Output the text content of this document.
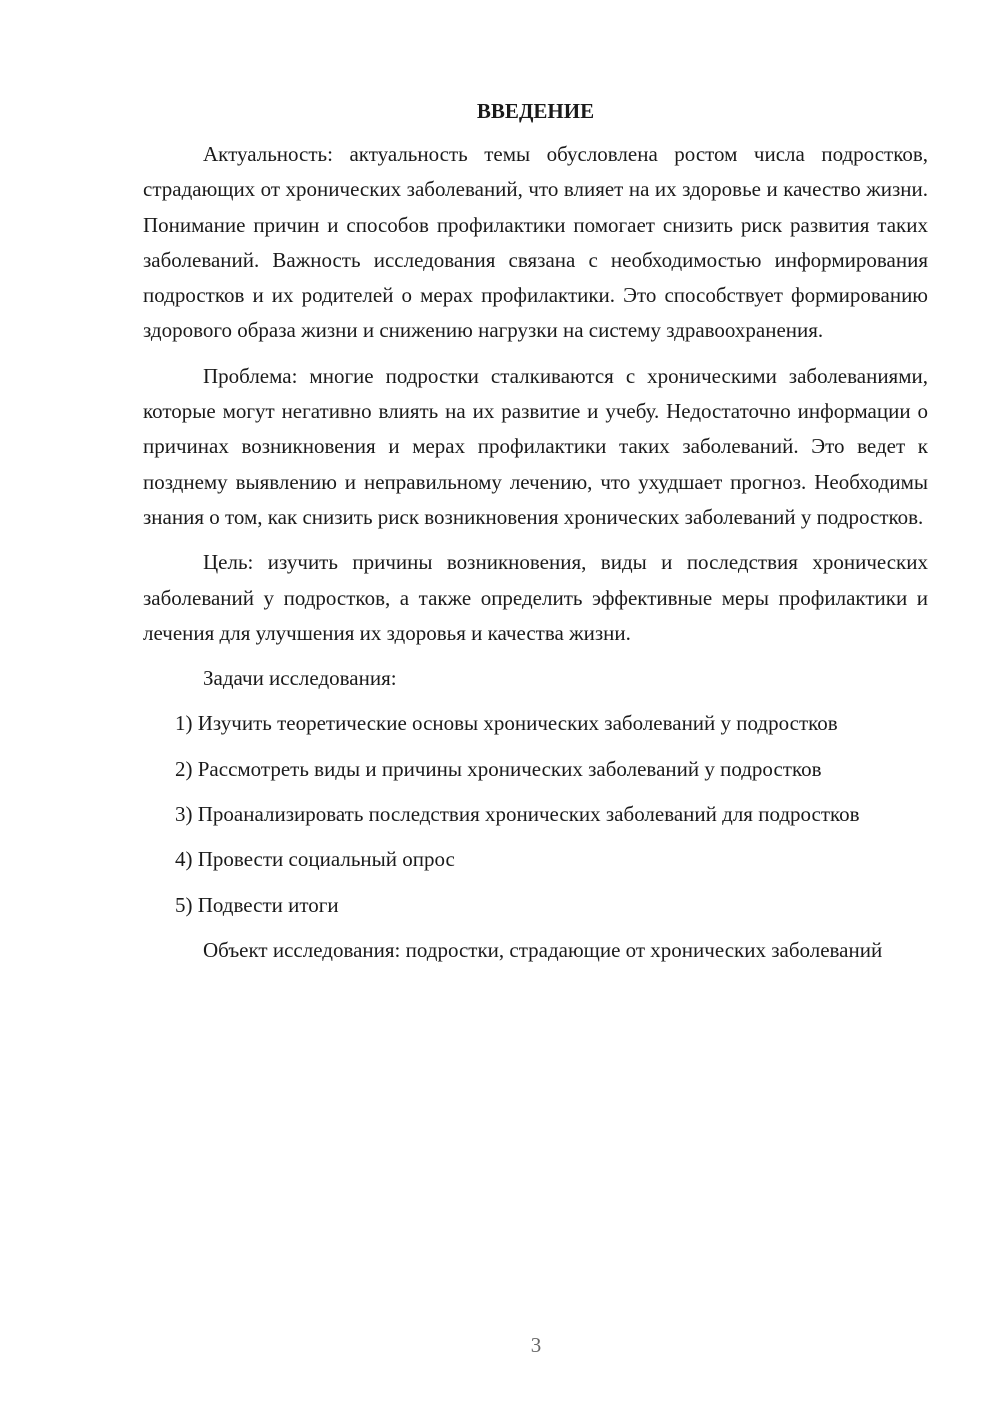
ВВЕДЕНИЕ

Актуальность: актуальность темы обусловлена ростом числа подростков, страдающих от хронических заболеваний, что влияет на их здоровье и качество жизни. Понимание причин и способов профилактики помогает снизить риск развития таких заболеваний. Важность исследования связана с необходимостью информирования подростков и их родителей о мерах профилактики. Это способствует формированию здорового образа жизни и снижению нагрузки на систему здравоохранения.

Проблема: многие подростки сталкиваются с хроническими заболеваниями, которые могут негативно влиять на их развитие и учебу. Недостаточно информации о причинах возникновения и мерах профилактики таких заболеваний. Это ведет к позднему выявлению и неправильному лечению, что ухудшает прогноз. Необходимы знания о том, как снизить риск возникновения хронических заболеваний у подростков.

Цель: изучить причины возникновения, виды и последствия хронических заболеваний у подростков, а также определить эффективные меры профилактики и лечения для улучшения их здоровья и качества жизни.

Задачи исследования:

1) Изучить теоретические основы хронических заболеваний у подростков

2) Рассмотреть виды и причины хронических заболеваний у подростков

3) Проанализировать последствия хронических заболеваний для подростков

4) Провести социальный опрос

5) Подвести итоги

Объект исследования: подростки, страдающие от хронических заболеваний

3
